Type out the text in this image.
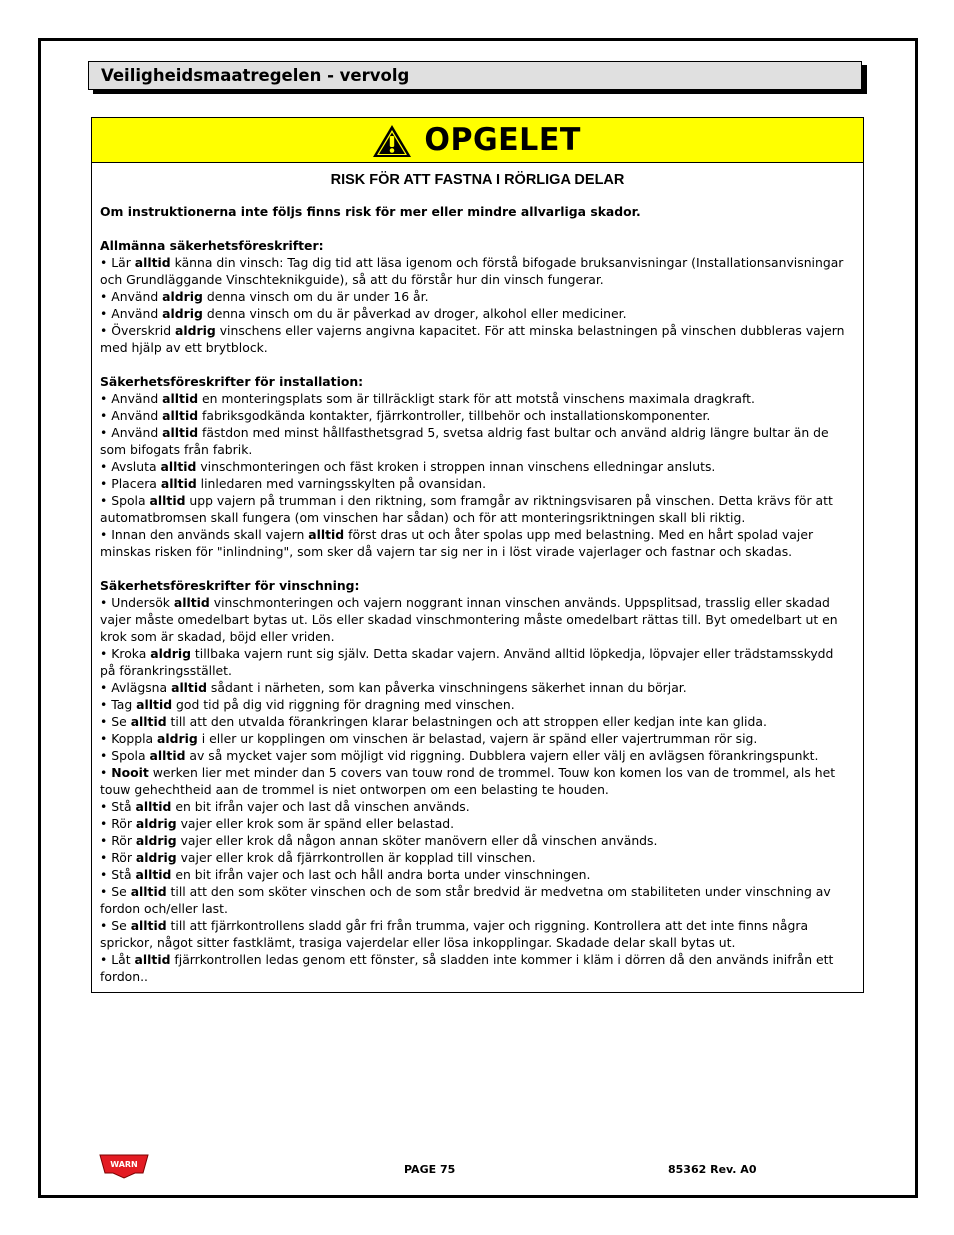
Veiligheidsmaatregelen - vervolg
OPGELET
RISK FÖR ATT FASTNA I RÖRLIGA DELAR

Om instruktionerna inte följs finns risk för mer eller mindre allvarliga skador.

Allmänna säkerhetsföreskrifter:

• Lär alltid känna din vinsch: Tag dig tid att läsa igenom och förstå bifogade bruksanvisningar (Installationsanvisningar och Grundläggande Vinschteknikguide), så att du förstår hur din vinsch fungerar.

• Använd aldrig denna vinsch om du är under 16 år.

• Använd aldrig denna vinsch om du är påverkad av droger, alkohol eller mediciner.

• Överskrid aldrig vinschens eller vajerns angivna kapacitet. För att minska belastningen på vinschen dubbleras vajern med hjälp av ett brytblock.

Säkerhetsföreskrifter för installation:

• Använd alltid en monteringsplats som är tillräckligt stark för att motstå vinschens maximala dragkraft.

• Använd alltid fabriksgodkända kontakter, fjärrkontroller, tillbehör och installationskomponenter.

• Använd alltid fästdon med minst hållfasthetsgrad 5, svetsa aldrig fast bultar och använd aldrig längre bultar än de som bifogats från fabrik.

• Avsluta alltid vinschmonteringen och fäst kroken i stroppen innan vinschens elledningar ansluts.

• Placera alltid linledaren med varningsskylten på ovansidan.

• Spola alltid upp vajern på trumman i den riktning, som framgår av riktningsvisaren på vinschen. Detta krävs för att automatbromsen skall fungera (om vinschen har sådan) och för att monteringsriktningen skall bli riktig.

• Innan den används skall vajern alltid först dras ut och åter spolas upp med belastning. Med en hårt spolad vajer minskas risken för "inlindning", som sker då vajern tar sig ner in i löst virade vajerlager och fastnar och skadas.

Säkerhetsföreskrifter för vinschning:

• Undersök alltid vinschmonteringen och vajern noggrant innan vinschen används. Uppsplitsad, trasslig eller skadad vajer måste omedelbart bytas ut. Lös eller skadad vinschmontering måste omedelbart rättas till. Byt omedelbart ut en krok som är skadad, böjd eller vriden.

• Kroka aldrig tillbaka vajern runt sig själv. Detta skadar vajern. Använd alltid löpkedja, löpvajer eller trädstamsskydd på förankringsstället.

• Avlägsna alltid sådant i närheten, som kan påverka vinschningens säkerhet innan du börjar.

• Tag alltid god tid på dig vid riggning för dragning med vinschen.

• Se alltid till att den utvalda förankringen klarar belastningen och att stroppen eller kedjan inte kan glida.

• Koppla aldrig i eller ur kopplingen om vinschen är belastad, vajern är spänd eller vajertrumman rör sig.

• Spola alltid av så mycket vajer som möjligt vid riggning. Dubblera vajern eller välj en avlägsen förankringspunkt.

• Nooit werken lier met minder dan 5 covers van touw rond de trommel. Touw kon komen los van de trommel, als het touw gehechtheid aan de trommel is niet ontworpen om een belasting te houden.

• Stå alltid en bit ifrån vajer och last då vinschen används.

• Rör aldrig vajer eller krok som är spänd eller belastad.

• Rör aldrig vajer eller krok då någon annan sköter manövern eller då vinschen används.

• Rör aldrig vajer eller krok då fjärrkontrollen är kopplad till vinschen.

• Stå alltid en bit ifrån vajer och last och håll andra borta under vinschningen.

• Se alltid till att den som sköter vinschen och de som står bredvid är medvetna om stabiliteten under vinschning av fordon och/eller last.

• Se alltid till att fjärrkontrollens sladd går fri från trumma, vajer och riggning. Kontrollera att det inte finns några sprickor, något sitter fastklämt, trasiga vajerdelar eller lösa inkopplingar. Skadade delar skall bytas ut.

• Låt alltid fjärrkontrollen ledas genom ett fönster, så sladden inte kommer i kläm i dörren då den används inifrån ett fordon..

WARN	PAGE 75	85362 Rev. A0
